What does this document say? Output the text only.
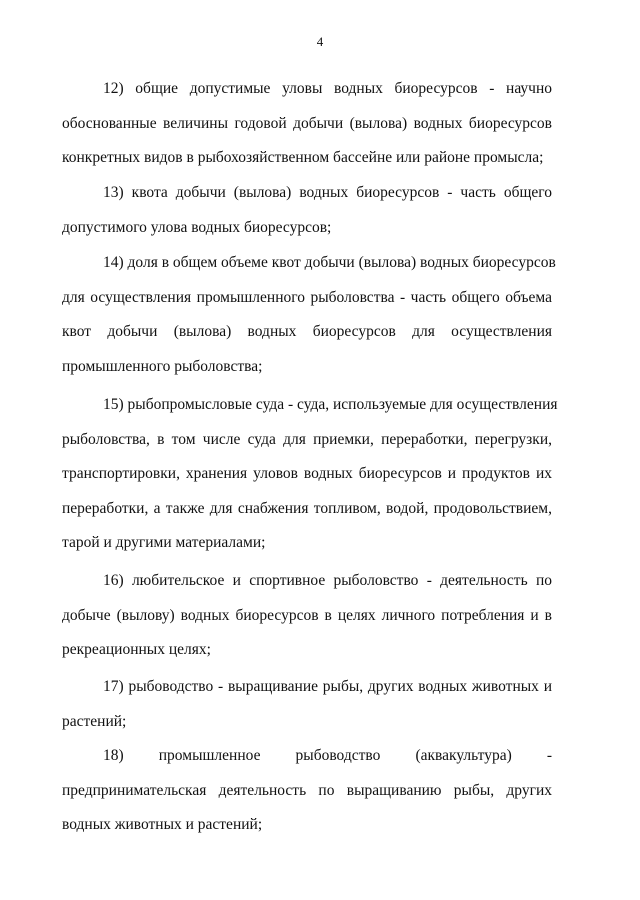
4

12) общие допустимые уловы водных биоресурсов - научно
обоснованные величины годовой добычи (вылова) водных биоресурсов
конкретных видов в рыбохозяйственном бассейне или районе промысла;

13) квота добычи (вылова) водных биоресурсов - часть общего
допустимого улова водных биоресурсов;

14) доля в общем объеме квот добычи (вылова) водных биоресурсов
для осуществления промышленного рыболовства - часть общего объема
квот добычи (вылова) водных биоресурсов для осуществления
промышленного рыболовства;

15) рыбопромысловые суда - суда, используемые для осуществления
рыболовства, в том числе суда для приемки, переработки, перегрузки,
транспортировки, хранения уловов водных биоресурсов и продуктов их
переработки, а также для снабжения топливом, водой, продовольствием,
тарой и другими материалами;

16) любительское и спортивное рыболовство - деятельность по
добыче (вылову) водных биоресурсов в целях личного потребления и в
рекреационных целях;

17) рыбоводство - выращивание рыбы, других водных животных и
растений;

18) промышленное рыбоводство (аквакультура) -
предпринимательская деятельность по выращиванию рыбы, других
водных животных и растений;
